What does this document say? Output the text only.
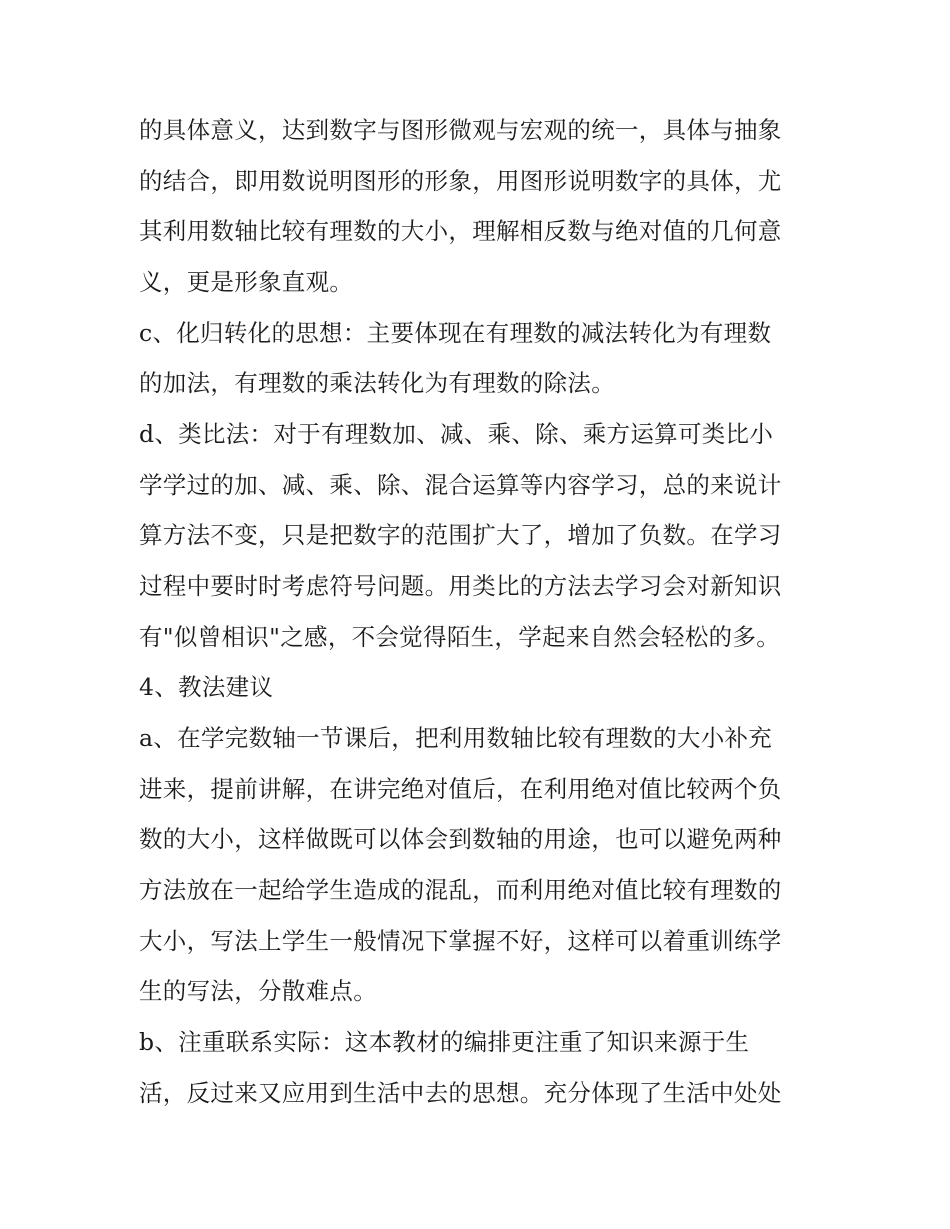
的具体意义，达到数字与图形微观与宏观的统一，具体与抽象
的结合，即用数说明图形的形象，用图形说明数字的具体，尤
其利用数轴比较有理数的大小，理解相反数与绝对值的几何意
义，更是形象直观。
c、化归转化的思想：主要体现在有理数的减法转化为有理数
的加法，有理数的乘法转化为有理数的除法。
d、类比法：对于有理数加、减、乘、除、乘方运算可类比小
学学过的加、减、乘、除、混合运算等内容学习，总的来说计
算方法不变，只是把数字的范围扩大了，增加了负数。在学习
过程中要时时考虑符号问题。用类比的方法去学习会对新知识
有"似曾相识"之感，不会觉得陌生，学起来自然会轻松的多。
4、教法建议
a、在学完数轴一节课后，把利用数轴比较有理数的大小补充
进来，提前讲解，在讲完绝对值后，在利用绝对值比较两个负
数的大小，这样做既可以体会到数轴的用途，也可以避免两种
方法放在一起给学生造成的混乱，而利用绝对值比较有理数的
大小，写法上学生一般情况下掌握不好，这样可以着重训练学
生的写法，分散难点。
b、注重联系实际：这本教材的编排更注重了知识来源于生
活，反过来又应用到生活中去的思想。充分体现了生活中处处
